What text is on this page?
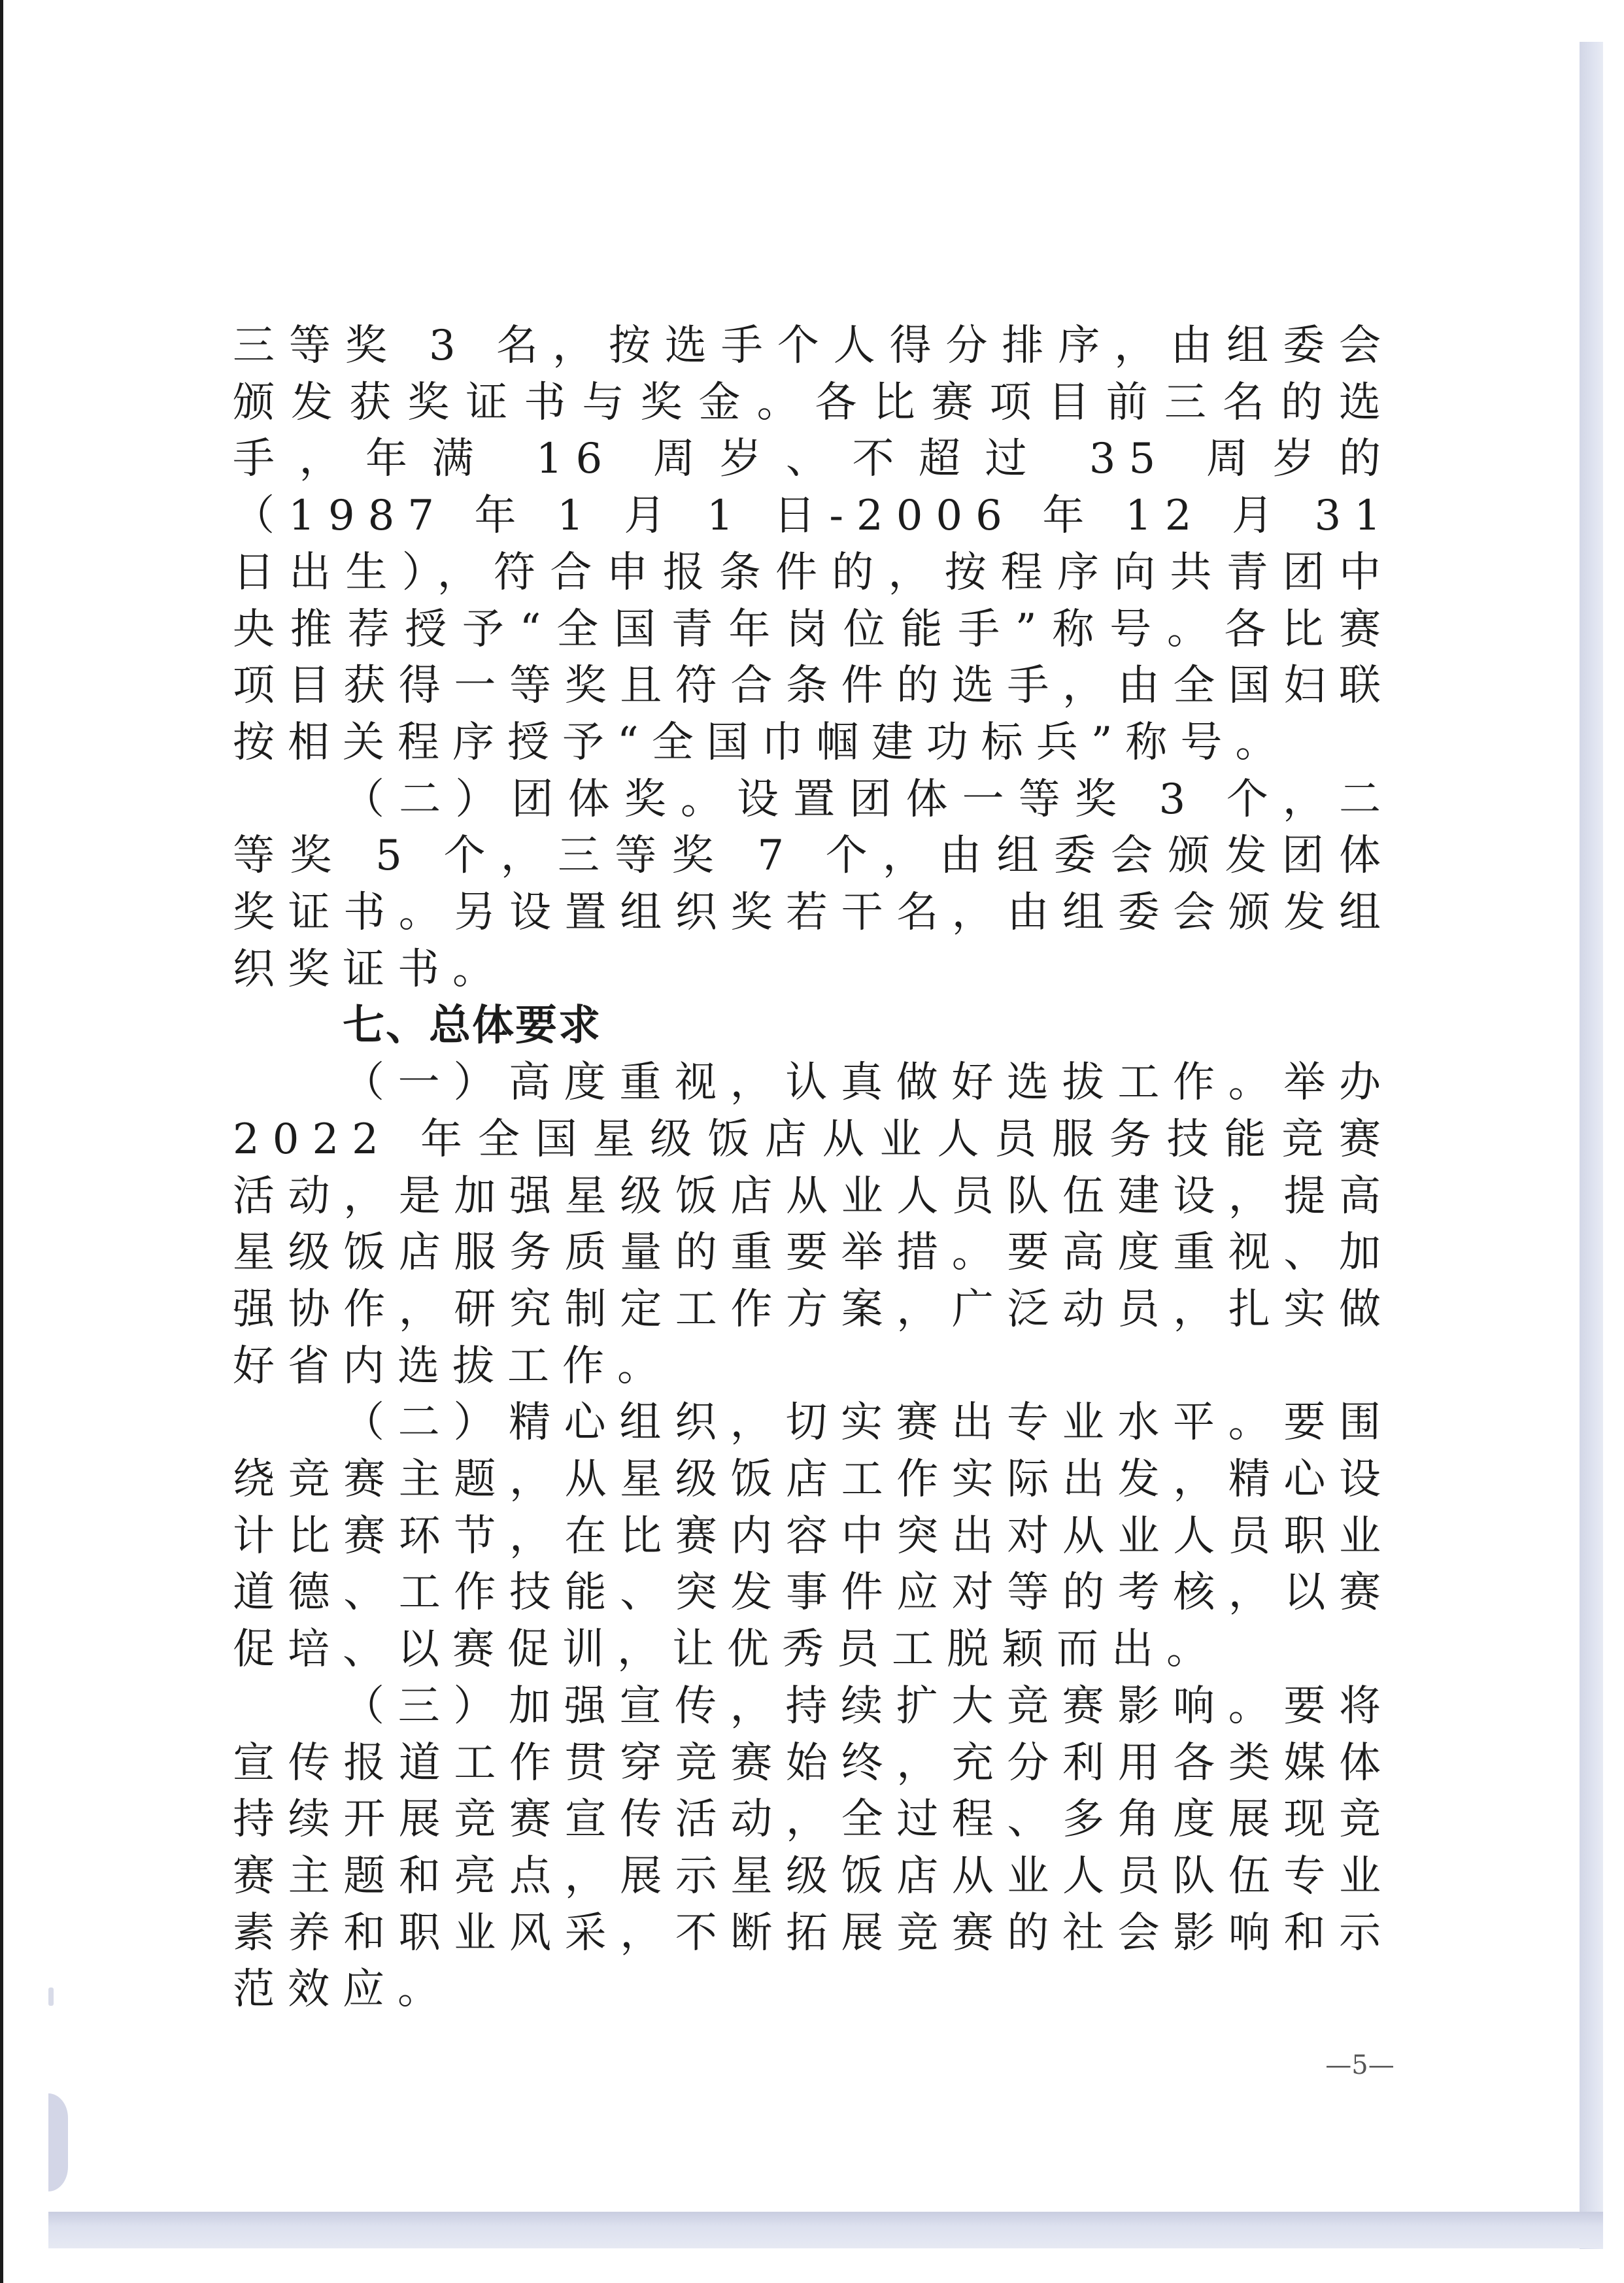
三等奖 3 名，按选手个人得分排序，由组委会颁发获奖证书与奖金。各比赛项目前三名的选手，年满 16 周岁、不超过 35 周岁的（1987 年 1 月 1 日-2006 年 12 月 31 日出生），符合申报条件的，按程序向共青团中央推荐授予“全国青年岗位能手”称号。各比赛项目获得一等奖且符合条件的选手，由全国妇联按相关程序授予“全国巾帼建功标兵”称号。

（二）团体奖。设置团体一等奖 3 个，二等奖 5 个，三等奖 7 个，由组委会颁发团体奖证书。另设置组织奖若干名，由组委会颁发组织奖证书。

七、总体要求

（一）高度重视，认真做好选拔工作。举办 2022 年全国星级饭店从业人员服务技能竞赛活动，是加强星级饭店从业人员队伍建设，提高星级饭店服务质量的重要举措。要高度重视、加强协作，研究制定工作方案，广泛动员，扎实做好省内选拔工作。

（二）精心组织，切实赛出专业水平。要围绕竞赛主题，从星级饭店工作实际出发，精心设计比赛环节，在比赛内容中突出对从业人员职业道德、工作技能、突发事件应对等的考核，以赛促培、以赛促训，让优秀员工脱颖而出。

（三）加强宣传，持续扩大竞赛影响。要将宣传报道工作贯穿竞赛始终，充分利用各类媒体持续开展竞赛宣传活动，全过程、多角度展现竞赛主题和亮点，展示星级饭店从业人员队伍专业素养和职业风采，不断拓展竞赛的社会影响和示范效应。

—5—
